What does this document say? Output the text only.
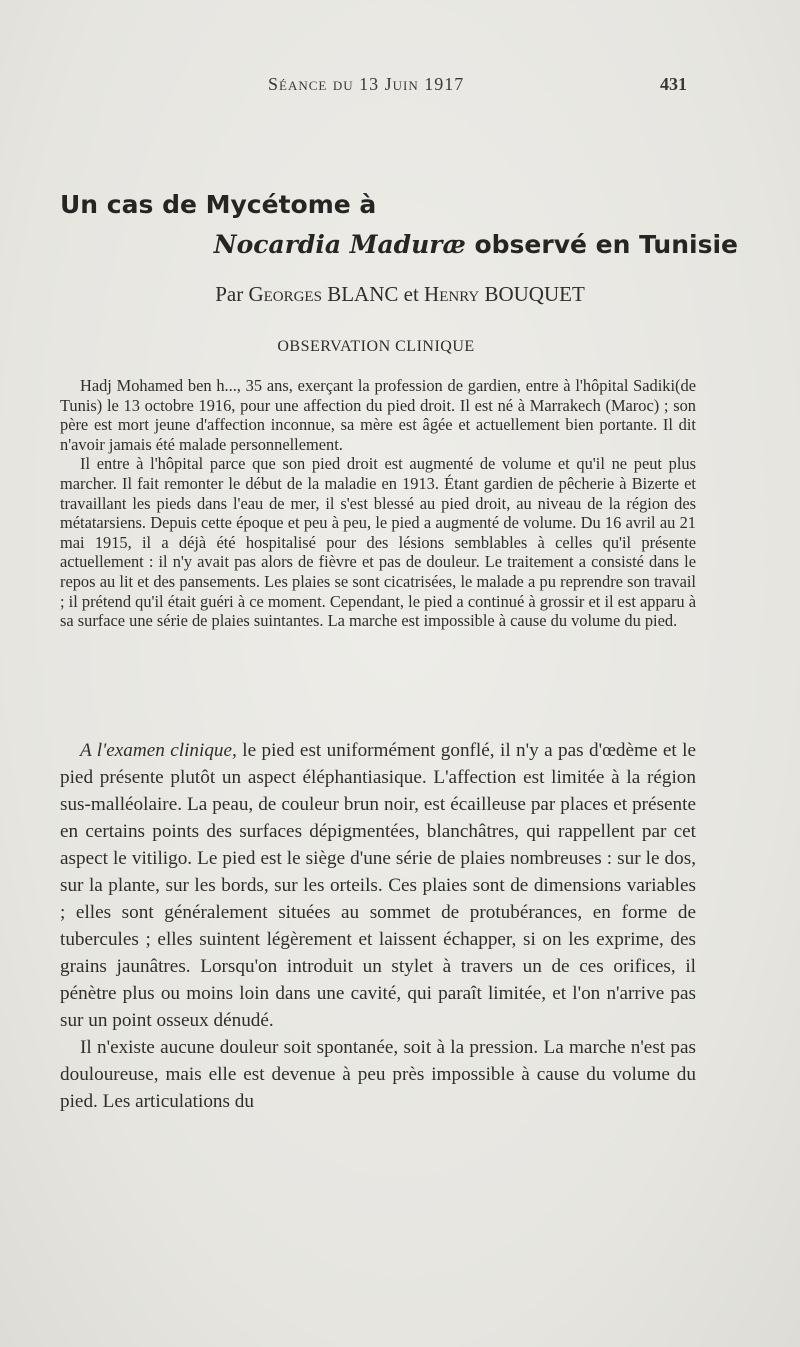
Séance du 13 Juin 1917	431
Un cas de Mycétome à
Nocardia Maduræ observé en Tunisie
Par Georges BLANC et Henry BOUQUET
OBSERVATION CLINIQUE

Hadj Mohamed ben h..., 35 ans, exerçant la profession de gardien, entre à l'hôpital Sadiki(de Tunis) le 13 octobre 1916, pour une affection du pied droit. Il est né à Marrakech (Maroc) ; son père est mort jeune d'affection inconnue, sa mère est âgée et actuellement bien portante. Il dit n'avoir jamais été malade personnellement.

Il entre à l'hôpital parce que son pied droit est augmenté de volume et qu'il ne peut plus marcher. Il fait remonter le début de la maladie en 1913. Étant gardien de pêcherie à Bizerte et travaillant les pieds dans l'eau de mer, il s'est blessé au pied droit, au niveau de la région des métatarsiens. Depuis cette époque et peu à peu, le pied a augmenté de volume. Du 16 avril au 21 mai 1915, il a déjà été hospitalisé pour des lésions semblables à celles qu'il présente actuellement : il n'y avait pas alors de fièvre et pas de douleur. Le traitement a consisté dans le repos au lit et des pansements. Les plaies se sont cicatrisées, le malade a pu reprendre son travail ; il prétend qu'il était guéri à ce moment. Cependant, le pied a continué à grossir et il est apparu à sa surface une série de plaies suintantes. La marche est impossible à cause du volume du pied.

A l'examen clinique, le pied est uniformément gonflé, il n'y a pas d'œdème et le pied présente plutôt un aspect éléphantiasique. L'affection est limitée à la région sus-malléolaire. La peau, de couleur brun noir, est écailleuse par places et présente en certains points des surfaces dépigmentées, blanchâtres, qui rappellent par cet aspect le vitiligo. Le pied est le siège d'une série de plaies nombreuses : sur le dos, sur la plante, sur les bords, sur les orteils. Ces plaies sont de dimensions variables ; elles sont généralement situées au sommet de protubérances, en forme de tubercules ; elles suintent légèrement et laissent échapper, si on les exprime, des grains jaunâtres. Lorsqu'on introduit un stylet à travers un de ces orifices, il pénètre plus ou moins loin dans une cavité, qui paraît limitée, et l'on n'arrive pas sur un point osseux dénudé.

Il n'existe aucune douleur soit spontanée, soit à la pression. La marche n'est pas douloureuse, mais elle est devenue à peu près impossible à cause du volume du pied. Les articulations du
